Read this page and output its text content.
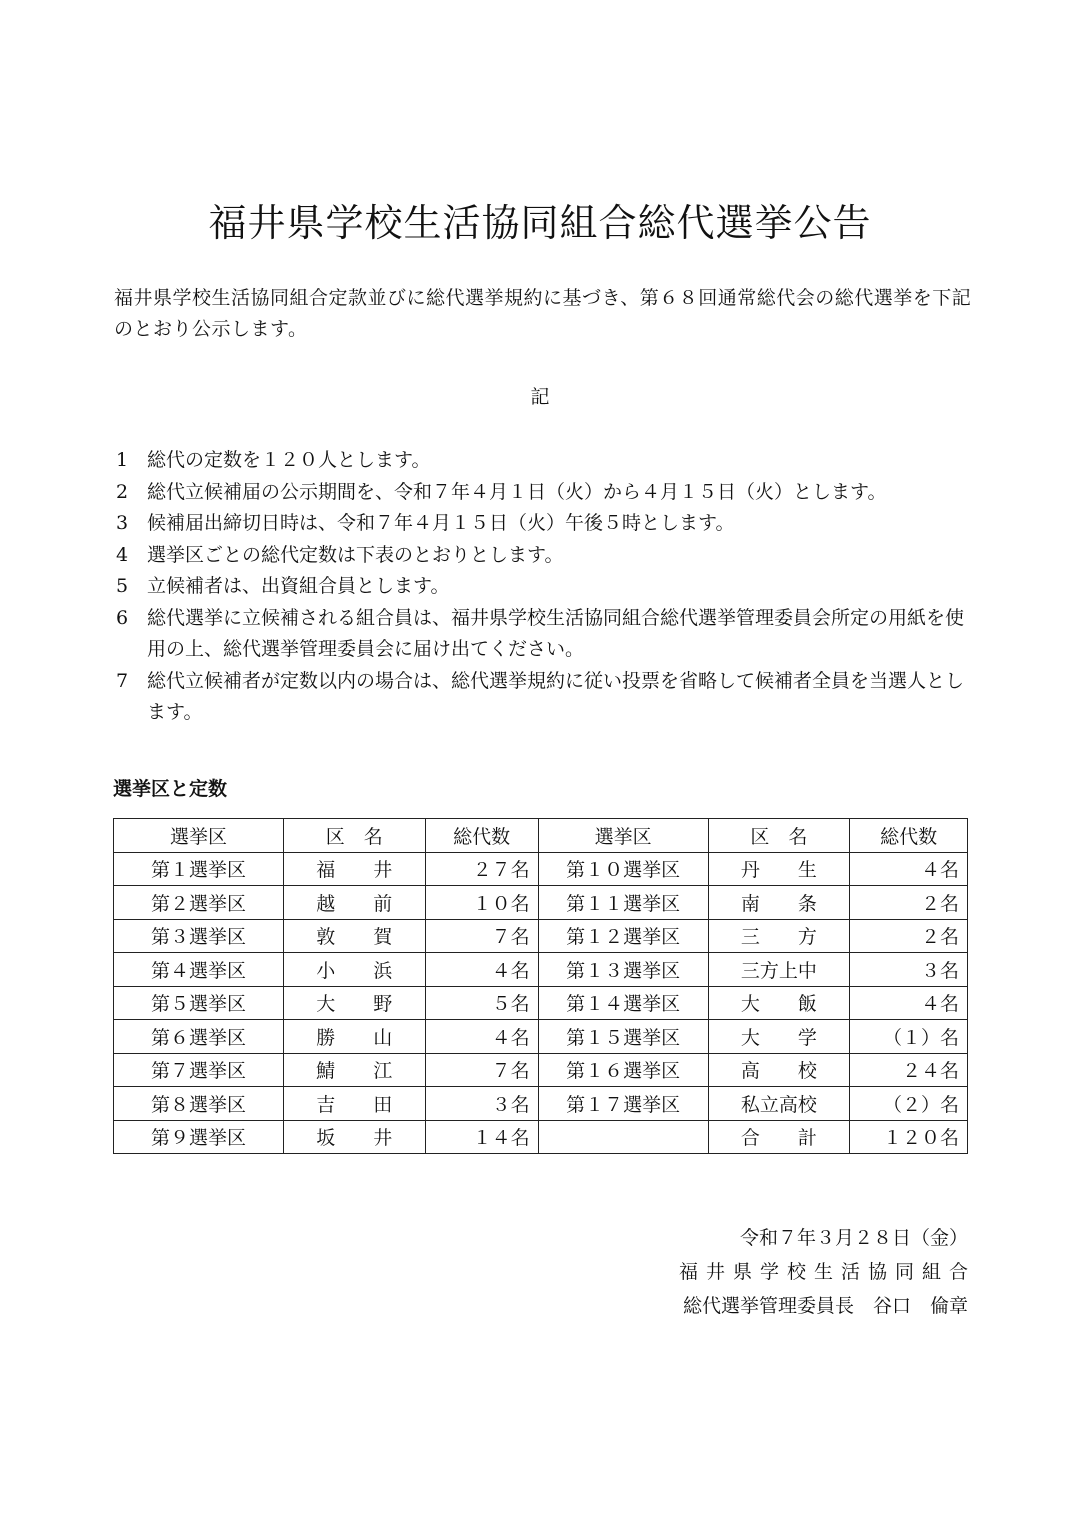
福井県学校生活協同組合総代選挙公告
福井県学校生活協同組合定款並びに総代選挙規約に基づき、第６８回通常総代会の総代選挙を下記のとおり公示します。
記
1 総代の定数を１２０人とします。
2 総代立候補届の公示期間を、令和７年４月１日（火）から４月１５日（火）とします。
3 候補届出締切日時は、令和７年４月１５日（火）午後５時とします。
4 選挙区ごとの総代定数は下表のとおりとします。
5 立候補者は、出資組合員とします。
6 総代選挙に立候補される組合員は、福井県学校生活協同組合総代選挙管理委員会所定の用紙を使用の上、総代選挙管理委員会に届け出てください。
7 総代立候補者が定数以内の場合は、総代選挙規約に従い投票を省略して候補者全員を当選人とします。
選挙区と定数
選挙区	区　名	総代数	選挙区	区　名	総代数
第１選挙区	福　　井	２７名	第１０選挙区	丹　　生	４名
第２選挙区	越　　前	１０名	第１１選挙区	南　　条	２名
第３選挙区	敦　　賀	７名	第１２選挙区	三　　方	２名
第４選挙区	小　　浜	４名	第１３選挙区	三方上中	３名
第５選挙区	大　　野	５名	第１４選挙区	大　　飯	４名
第６選挙区	勝　　山	４名	第１５選挙区	大　　学	（１）名
第７選挙区	鯖　　江	７名	第１６選挙区	高　　校	２４名
第８選挙区	吉　　田	３名	第１７選挙区	私立高校	（２）名
第９選挙区	坂　　井	１４名		合　　計	１２０名
令和７年３月２８日（金）
福井県学校生活協同組合
総代選挙管理委員長　谷口　倫章
